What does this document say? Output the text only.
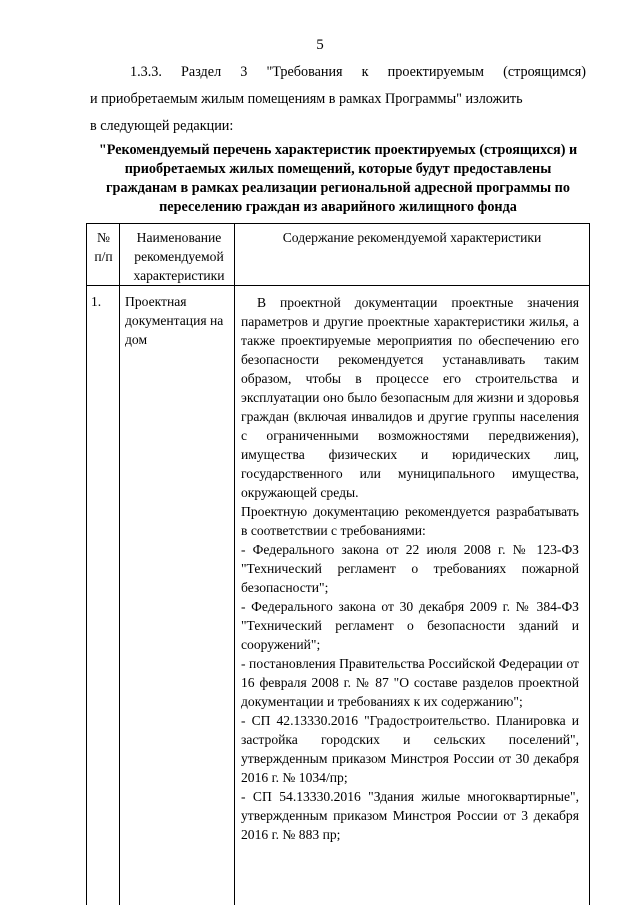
5
1.3.3. Раздел 3 "Требования к проектируемым (строящимся)
и приобретаемым жилым помещениям в рамках Программы" изложить
в следующей редакции:
"Рекомендуемый перечень характеристик проектируемых (строящихся) и приобретаемых жилых помещений, которые будут предоставлены гражданам в рамках реализации региональной адресной программы по переселению граждан из аварийного жилищного фонда
№ п/п
Наименование рекомендуемой характеристики
Содержание рекомендуемой характеристики
1.	Проектная документация на дом

В проектной документации проектные значения параметров и другие проектные характеристики жилья, а также проектируемые мероприятия по обеспечению его безопасности рекомендуется устанавливать таким образом, чтобы в процессе его строительства и эксплуатации оно было безопасным для жизни и здоровья граждан (включая инвалидов и другие группы населения с ограниченными возможностями передвижения), имущества физических и юридических лиц, государственного или муниципального имущества, окружающей среды.

Проектную документацию рекомендуется разрабатывать в соответствии с требованиями:

- Федерального закона от 22 июля 2008 г. № 123-ФЗ "Технический регламент о требованиях пожарной безопасности";

- Федерального закона от 30 декабря 2009 г. № 384-ФЗ "Технический регламент о безопасности зданий и сооружений";

- постановления Правительства Российской Федерации от 16 февраля 2008 г. № 87 "О составе разделов проектной документации и требованиях к их содержанию";

- СП 42.13330.2016 "Градостроительство. Планировка и застройка городских и сельских поселений", утвержденным приказом Минстроя России от 30 декабря 2016 г. № 1034/пр;

- СП 54.13330.2016 "Здания жилые многоквартирные", утвержденным приказом Минстроя России от 3 декабря 2016 г. № 883 пр;
